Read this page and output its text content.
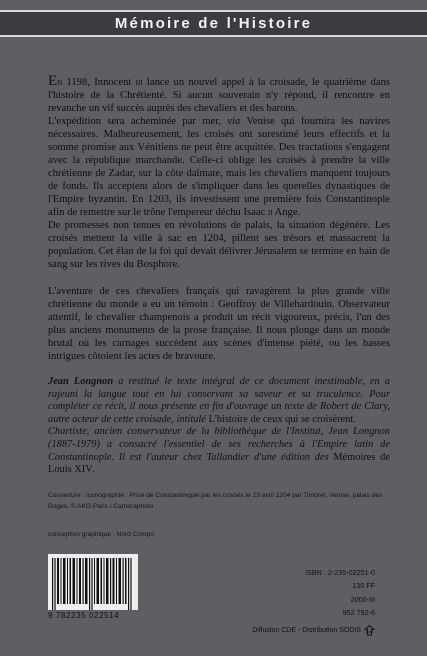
Mémoire de l'Histoire

En 1198, Innocent iii lance un nouvel appel à la croisade, le quatrième dans l'histoire de la Chrétienté. Si aucun souverain n'y répond, il rencontre en revanche un vif succès auprès des chevaliers et des barons.

L'expédition sera acheminée par mer, via Venise qui fournira les navires nécessaires. Malheureusement, les croisés ont surestimé leurs effectifs et la somme promise aux Vénitiens ne peut être acquittée. Des tractations s'engagent avec la république marchande. Celle-ci oblige les croisés à prendre la ville chrétienne de Zadar, sur la côte dalmate, mais les chevaliers manquent toujours de fonds. Ils acceptent alors de s'impliquer dans les querelles dynastiques de l'Empire byzantin. En 1203, ils investissent une première fois Constantinople afin de remettre sur le trône l'empereur déchu Isaac ii Ange.

De promesses non tenues en révolutions de palais, la situation dégénère. Les croisés mettent la ville à sac en 1204, pillent ses trésors et massacrent la population. Cet élan de la foi qui devait délivrer Jérusalem se termine en bain de sang sur les rives du Bosphore.

L'aventure de ces chevaliers français qui ravagèrent la plus grande ville chrétienne du monde a eu un témoin : Geoffroy de Villehardouin. Observateur attentif, le chevalier champenois a produit un récit vigoureux, précis, l'un des plus anciens monuments de la prose française. Il nous plonge dans un monde brutal où les carnages succèdent aux scènes d'intense piété, ou les basses intrigues côtoient les actes de bravoure.

Jean Longnon a restitué le texte intégral de ce document inestimable, en a rajeuni la langue tout en lui conservant sa saveur et sa truculence. Pour compléter ce récit, il nous présente en fin d'ouvrage un texte de Robert de Clary, autre acteur de cette croisade, intitulé L'histoire de ceux qui se croisèrent.

Chartiste, ancien conservateur de la bibliothèque de l'Institut, Jean Longnon (1887-1979) a consacré l'essentiel de ses recherches à l'Empire latin de Constantinople. Il est l'auteur chez Tallandier d'une édition des Mémoires de Louis XIV.

Couverture : iconographie : Prise de Constantinople par les croisés le 13 avril 1204 par Tintoret, Venise, palais des Doges. © AKG Paris / Cameraphoto
conception graphique : Nord Compo
9 782235 022514
ISBN : 2-235-02251-0
130 FF
2000-III
952 792-6
Diffusion CDE - Distribution SODIS
